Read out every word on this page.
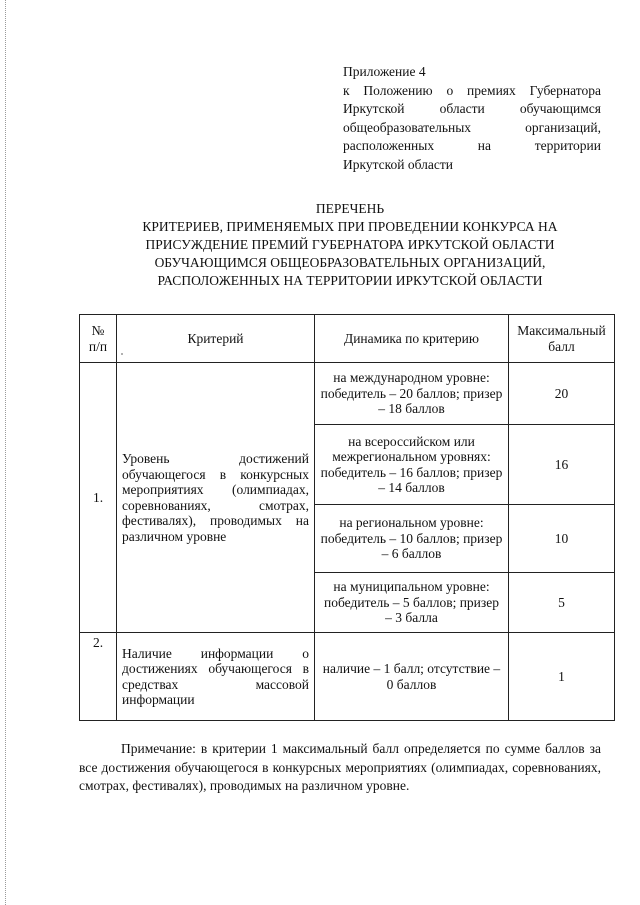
Приложение 4
к Положению о премиях Губернатора
Иркутской области обучающимся
общеобразовательных организаций,
расположенных на территории
Иркутской области
ПЕРЕЧЕНЬ
КРИТЕРИЕВ, ПРИМЕНЯЕМЫХ ПРИ ПРОВЕДЕНИИ КОНКУРСА НА
ПРИСУЖДЕНИЕ ПРЕМИЙ ГУБЕРНАТОРА ИРКУТСКОЙ ОБЛАСТИ
ОБУЧАЮЩИМСЯ ОБЩЕОБРАЗОВАТЕЛЬНЫХ ОРГАНИЗАЦИЙ,
РАСПОЛОЖЕННЫХ НА ТЕРРИТОРИИ ИРКУТСКОЙ ОБЛАСТИ
№ п/п	Критерий	Динамика по критерию	Максимальный балл
1.	Уровень достижений обучающегося в конкурсных мероприятиях (олимпиадах, соревнованиях, смотрах, фестивалях), проводимых на различном уровне	на международном уровне: победитель – 20 баллов; призер – 18 баллов	20
		на всероссийском или межрегиональном уровнях: победитель – 16 баллов; призер – 14 баллов	16
		на региональном уровне: победитель – 10 баллов; призер – 6 баллов	10
		на муниципальном уровне: победитель – 5 баллов; призер – 3 балла	5
2.	Наличие информации о достижениях обучающегося в средствах массовой информации	наличие – 1 балл; отсутствие – 0 баллов	1
Примечание: в критерии 1 максимальный балл определяется по сумме баллов за все достижения обучающегося в конкурсных мероприятиях (олимпиадах, соревнованиях, смотрах, фестивалях), проводимых на различном уровне.
